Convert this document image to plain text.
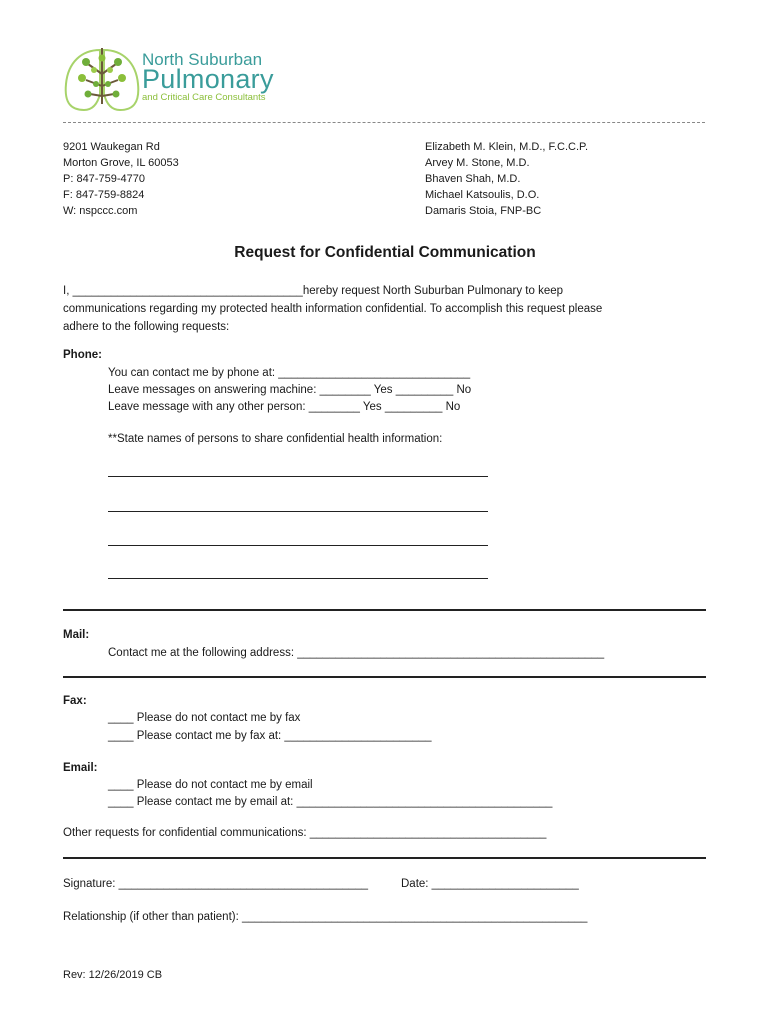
North Suburban
Pulmonary
and Critical Care Consultants
9201 Waukegan Rd
Morton Grove, IL 60053
P: 847-759-4770
F: 847-759-8824
W: nspccc.com
Elizabeth M. Klein, M.D., F.C.C.P.
Arvey M. Stone, M.D.
Bhaven Shah, M.D.
Michael Katsoulis, D.O.
Damaris Stoia, FNP-BC
Request for Confidential Communication
I, ____________________________________hereby request North Suburban Pulmonary to keep
communications regarding my protected health information confidential. To accomplish this request please
adhere to the following requests:
Phone:
You can contact me by phone at: ______________________________
Leave messages on answering machine: ________ Yes _________ No
Leave message with any other person: ________ Yes _________ No
**State names of persons to share confidential health information:
Mail:
Contact me at the following address: ________________________________________________
Fax:
____ Please do not contact me by fax
____ Please contact me by fax at: _______________________
Email:
____ Please do not contact me by email
____ Please contact me by email at: ________________________________________
Other requests for confidential communications: _____________________________________
Signature: _______________________________________	Date: _______________________
Relationship (if other than patient): ______________________________________________________
Rev: 12/26/2019 CB
